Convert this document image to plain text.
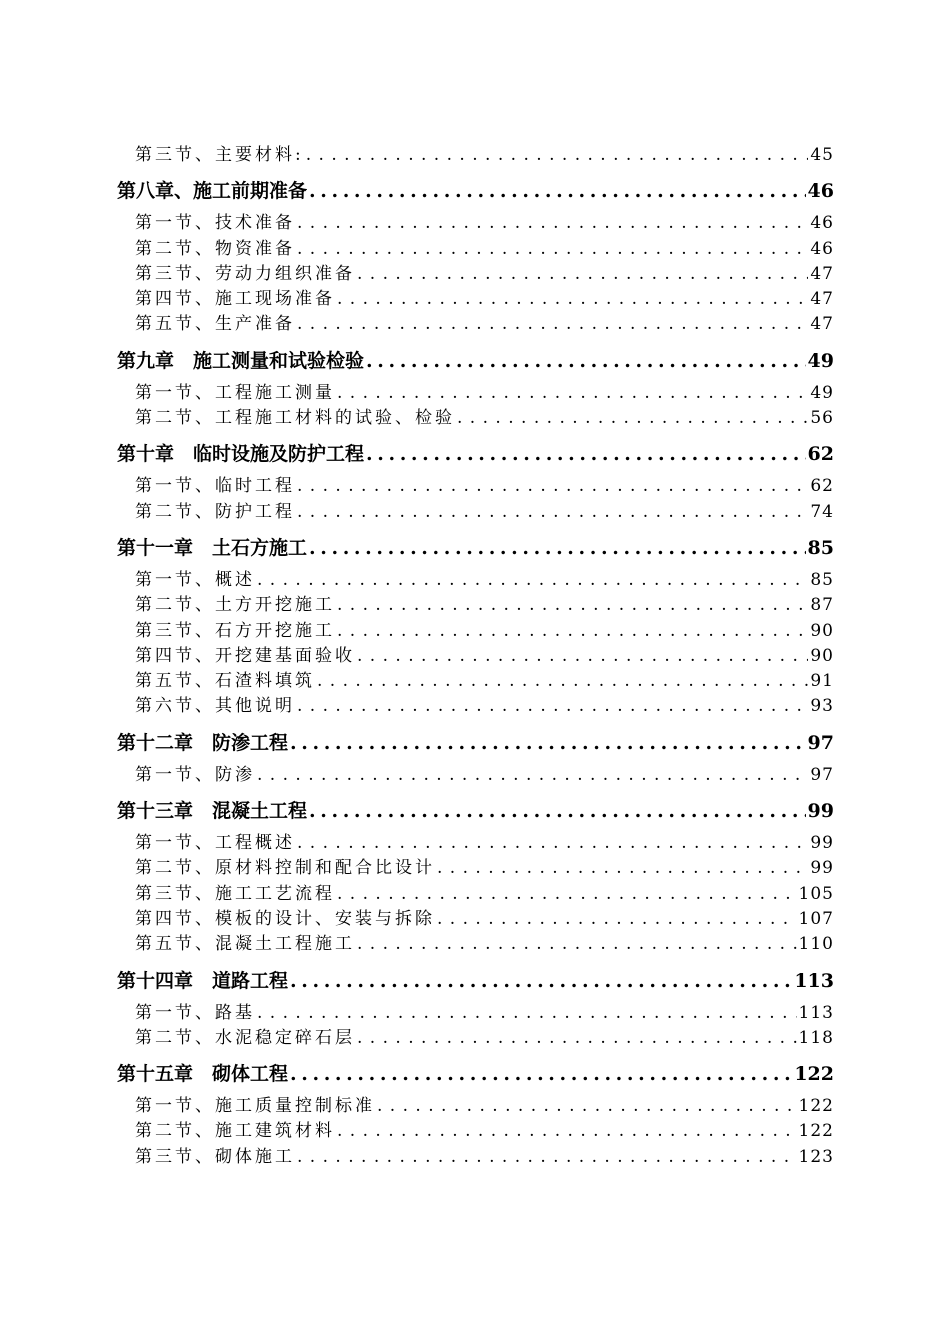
第三节、主要材料: . . .	45
第八章、施工前期准备 . . .	46
第一节、技术准备 . . .	46
第二节、物资准备 . . .	46
第三节、劳动力组织准备 . . .	47
第四节、施工现场准备 . . .	47
第五节、生产准备 . . .	47
第九章　施工测量和试验检验 . . .	49
第一节、工程施工测量 . . .	49
第二节、工程施工材料的试验、检验 . . .	56
第十章　临时设施及防护工程 . . .	62
第一节、临时工程 . . .	62
第二节、防护工程 . . .	74
第十一章　土石方施工 . . .	85
第一节、概述 . . .	85
第二节、土方开挖施工 . . .	87
第三节、石方开挖施工 . . .	90
第四节、开挖建基面验收 . . .	90
第五节、石渣料填筑 . . .	91
第六节、其他说明 . . .	93
第十二章　防渗工程 . . .	97
第一节、防渗 . . .	97
第十三章　混凝土工程 . . .	99
第一节、工程概述 . . .	99
第二节、原材料控制和配合比设计 . . .	99
第三节、施工工艺流程 . . .	105
第四节、模板的设计、安装与拆除 . . .	107
第五节、混凝土工程施工 . . .	110
第十四章　道路工程 . . .	113
第一节、路基 . . .	113
第二节、水泥稳定碎石层 . . .	118
第十五章　砌体工程 . . .	122
第一节、施工质量控制标准 . . .	122
第二节、施工建筑材料 . . .	122
第三节、砌体施工 . . .	123
